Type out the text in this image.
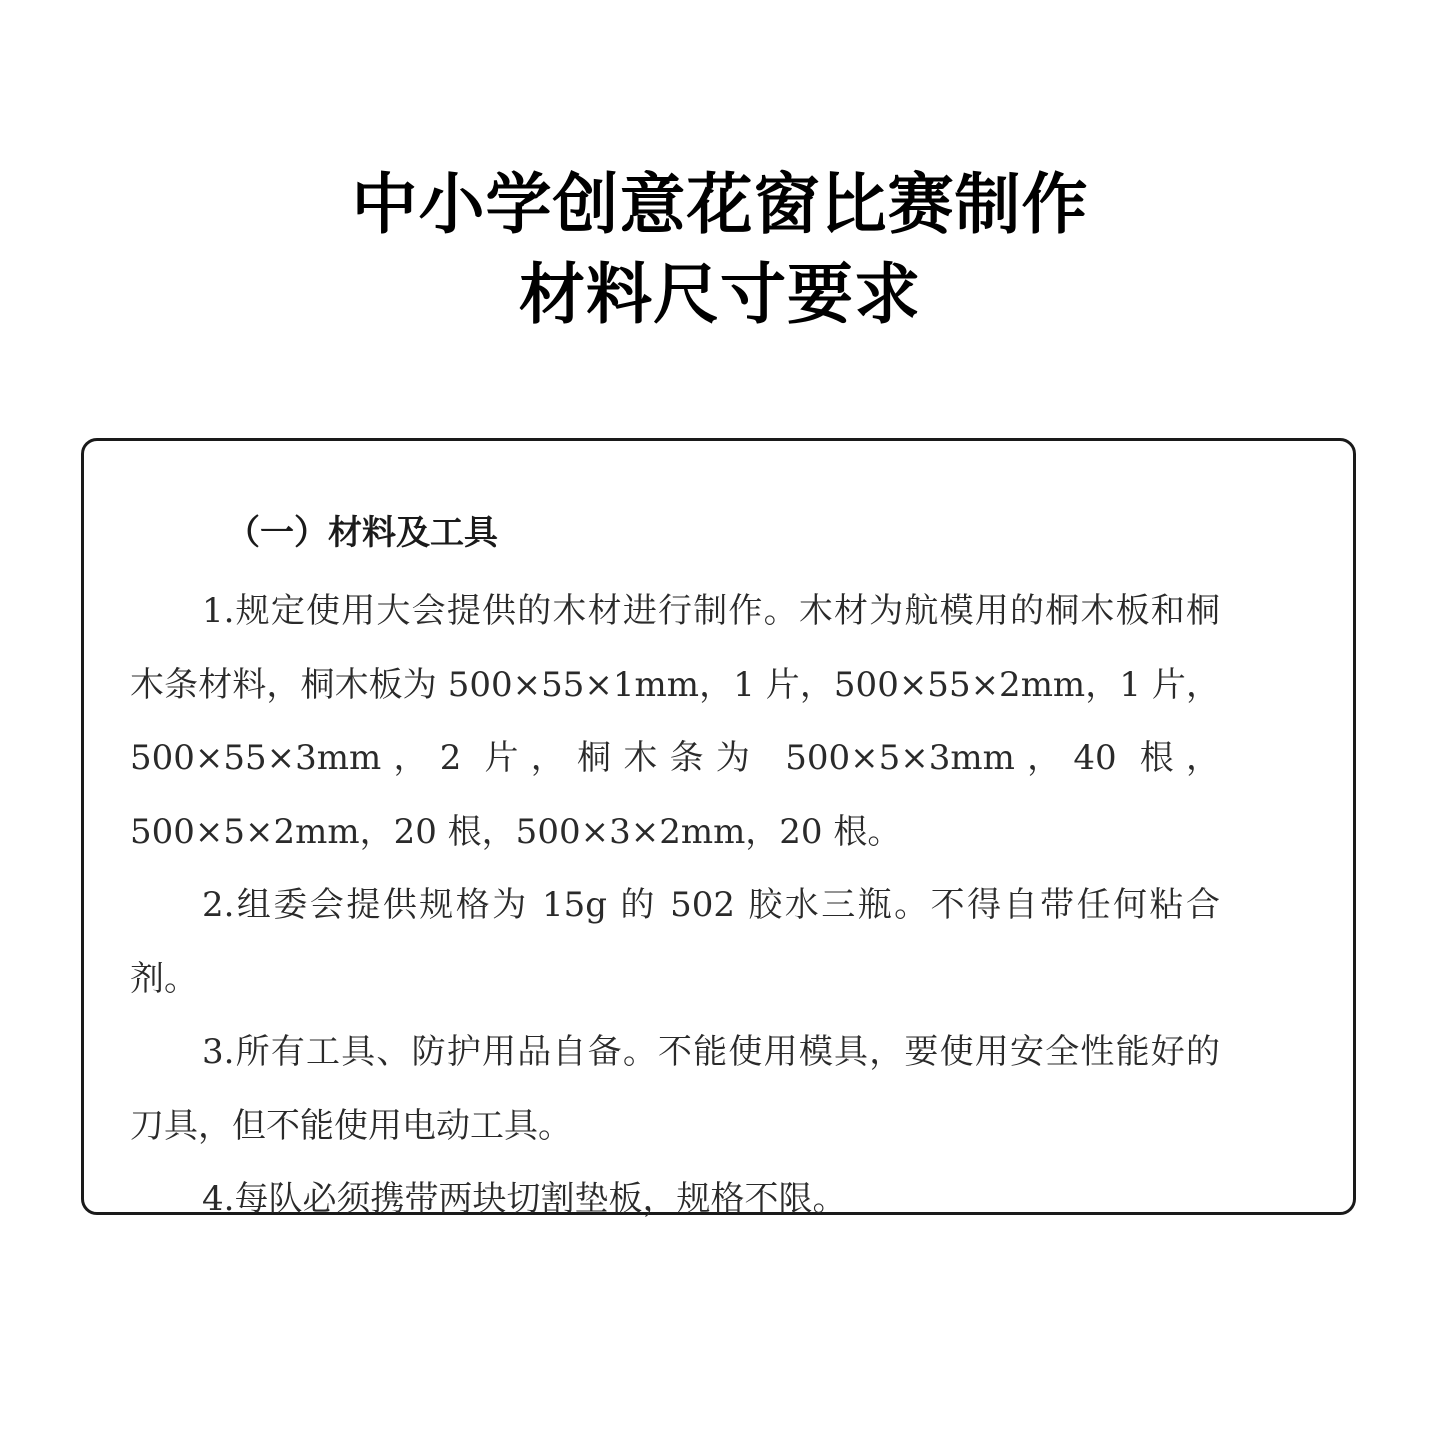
中小学创意花窗比赛制作
材料尺寸要求
（一）材料及工具

1.规定使用大会提供的木材进行制作。木材为航模用的桐木板和桐木条材料，桐木板为 500×55×1mm，1 片，500×55×2mm，1 片，500×55×3mm，2 片，桐木条为 500×5×3mm，40 根，500×5×2mm，20 根，500×3×2mm，20 根。

2.组委会提供规格为 15g 的 502 胶水三瓶。不得自带任何粘合剂。

3.所有工具、防护用品自备。不能使用模具，要使用安全性能好的刀具，但不能使用电动工具。

4.每队必须携带两块切割垫板，规格不限。
